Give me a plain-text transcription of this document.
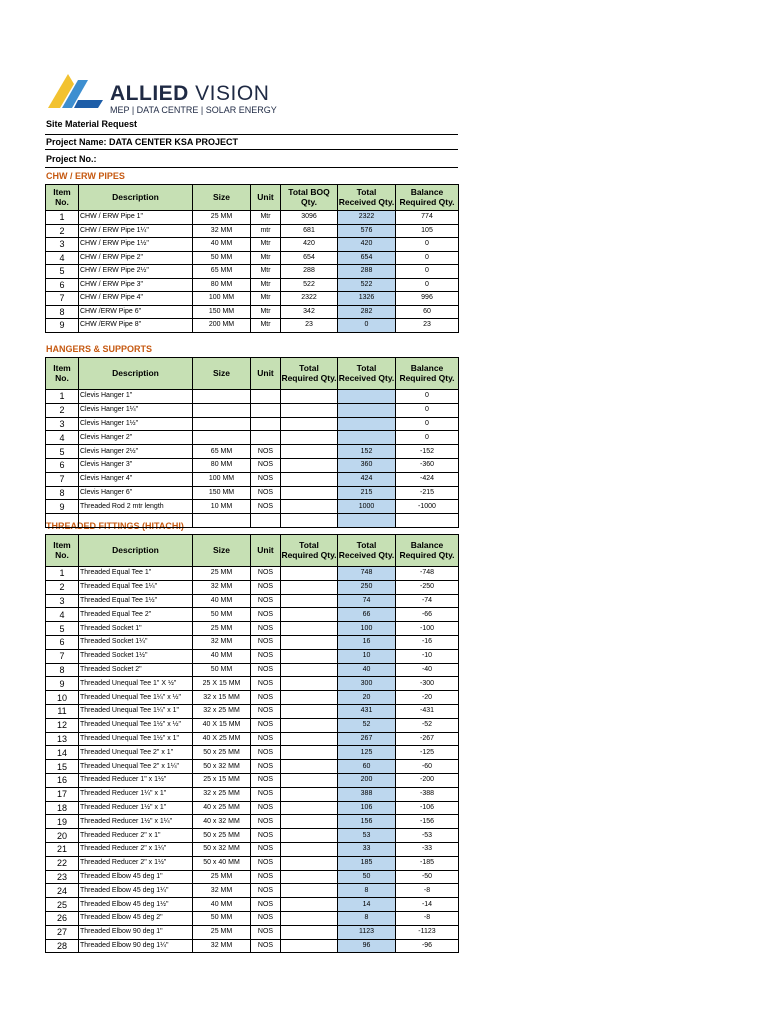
ALLIED VISION
MEP | DATA CENTRE | SOLAR ENERGY
Site Material Request
Project Name: DATA CENTER KSA PROJECT
Project No.:
CHW / ERW PIPES
HANGERS & SUPPORTS
THREADED FITTINGS (HITACHI)
Item No.	Description	Size	Unit	Total BOQ Qty.	Total Received Qty.	Balance Required Qty.
1	CHW / ERW Pipe 1"	25 MM	Mtr	3096	2322	774
2	CHW / ERW Pipe 1¼"	32 MM	mtr	681	576	105
3	CHW / ERW Pipe 1½"	40 MM	Mtr	420	420	0
4	CHW / ERW Pipe 2"	50 MM	Mtr	654	654	0
5	CHW / ERW Pipe 2½"	65 MM	Mtr	288	288	0
6	CHW / ERW Pipe 3"	80 MM	Mtr	522	522	0
7	CHW / ERW Pipe 4"	100 MM	Mtr	2322	1326	996
8	CHW /ERW Pipe 6"	150 MM	Mtr	342	282	60
9	CHW /ERW Pipe 8"	200 MM	Mtr	23	0	23
Item No.	Description	Size	Unit	Total Required Qty.	Total Received Qty.	Balance Required Qty.
1	Clevis Hanger 1"					0
2	Clevis Hanger 1¼"					0
3	Clevis Hanger 1½"					0
4	Clevis Hanger 2"					0
5	Clevis Hanger 2½"	65 MM	NOS		152	-152
6	Clevis Hanger 3"	80 MM	NOS		360	-360
7	Clevis Hanger 4"	100 MM	NOS		424	-424
8	Clevis Hanger 6"	150 MM	NOS		215	-215
9	Threaded Rod 2 mtr length	10 MM	NOS		1000	-1000

Item No.	Description	Size	Unit	Total Required Qty.	Total Received Qty.	Balance Required Qty.
1	Threaded Equal Tee 1"	25 MM	NOS		748	-748
2	Threaded Equal Tee 1¼"	32 MM	NOS		250	-250
3	Threaded Equal Tee 1½"	40 MM	NOS		74	-74
4	Threaded Equal Tee 2"	50 MM	NOS		66	-66
5	Threaded Socket 1"	25 MM	NOS		100	-100
6	Threaded Socket 1¼"	32 MM	NOS		16	-16
7	Threaded Socket 1½"	40 MM	NOS		10	-10
8	Threaded Socket 2"	50 MM	NOS		40	-40
9	Threaded Unequal Tee 1" X ½"	25 X 15 MM	NOS		300	-300
10	Threaded Unequal Tee 1¼" x ½"	32 x 15 MM	NOS		20	-20
11	Threaded Unequal Tee 1¼" x 1"	32 x 25 MM	NOS		431	-431
12	Threaded Unequal Tee 1½" x ½"	40 X 15 MM	NOS		52	-52
13	Threaded Unequal Tee 1½" x 1"	40 X 25 MM	NOS		267	-267
14	Threaded Unequal Tee 2" x 1"	50 x 25 MM	NOS		125	-125
15	Threaded Unequal Tee 2" x 1¼"	50 x 32 MM	NOS		60	-60
16	Threaded Reducer 1" x 1½"	25 x 15 MM	NOS		200	-200
17	Threaded Reducer 1¼" x 1"	32 x 25 MM	NOS		388	-388
18	Threaded Reducer 1½" x 1"	40 x 25 MM	NOS		106	-106
19	Threaded Reducer 1½" x 1¼"	40 x 32 MM	NOS		156	-156
20	Threaded Reducer 2" x 1"	50 x 25 MM	NOS		53	-53
21	Threaded Reducer 2" x 1¼"	50 x 32 MM	NOS		33	-33
22	Threaded Reducer 2" x 1½"	50 x 40 MM	NOS		185	-185
23	Threaded Elbow 45 deg 1"	25 MM	NOS		50	-50
24	Threaded Elbow 45 deg 1¼"	32 MM	NOS		8	-8
25	Threaded Elbow 45 deg 1½"	40 MM	NOS		14	-14
26	Threaded Elbow 45 deg 2"	50 MM	NOS		8	-8
27	Threaded Elbow 90 deg 1"	25 MM	NOS		1123	-1123
28	Threaded Elbow 90 deg 1¼"	32 MM	NOS		96	-96
